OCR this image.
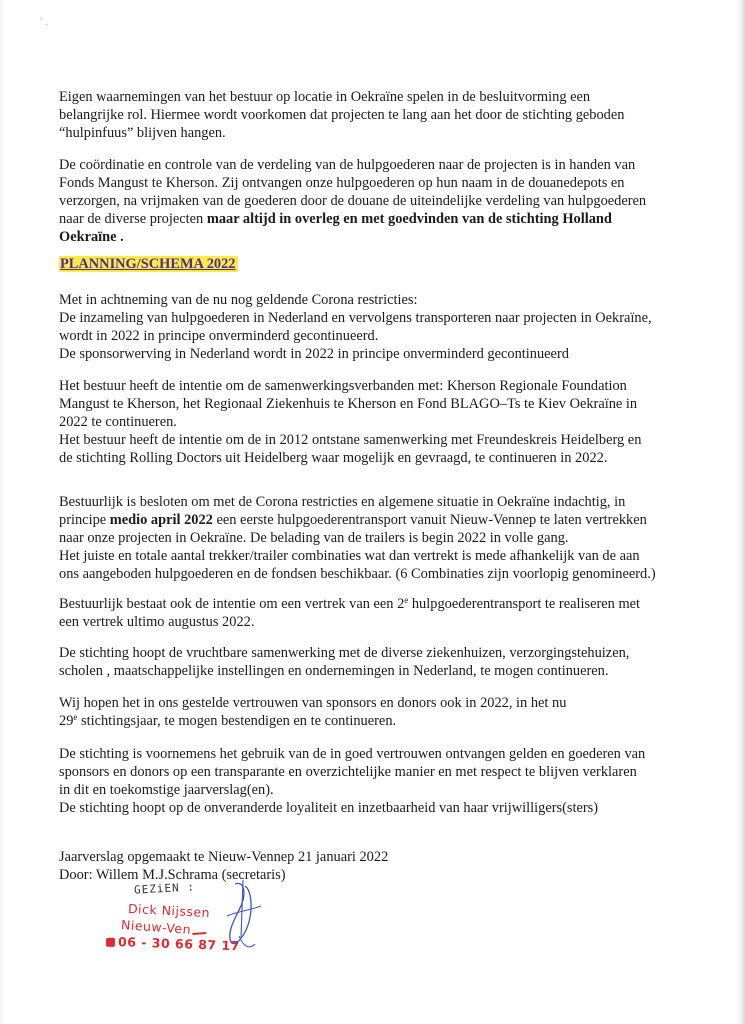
' .

Eigen waarnemingen van het bestuur op locatie in Oekraïne spelen in de besluitvorming een

belangrijke rol. Hiermee wordt voorkomen dat projecten te lang aan het door de stichting geboden

“hulpinfuus” blijven hangen.

De coördinatie en controle van de verdeling van de hulpgoederen naar de projecten is in handen van

Fonds Mangust te Kherson. Zij ontvangen onze hulpgoederen op hun naam in de douanedepots en

verzorgen, na vrijmaken van de goederen door de douane de uiteindelijke verdeling van hulpgoederen

naar de diverse projecten maar altijd in overleg en met goedvinden van de stichting Holland

Oekraïne .

PLANNING/SCHEMA 2022

Met in achtneming van de nu nog geldende Corona restricties:

De inzameling van hulpgoederen in Nederland en vervolgens transporteren naar projecten in Oekraïne,

wordt in 2022 in principe onverminderd gecontinueerd.

De sponsorwerving in Nederland wordt in 2022 in principe onverminderd gecontinueerd

Het bestuur heeft de intentie om de samenwerkingsverbanden met: Kherson Regionale Foundation

Mangust te Kherson, het Regionaal Ziekenhuis te Kherson en Fond BLAGO–Ts te Kiev Oekraïne in

2022 te continueren.

Het bestuur heeft de intentie om de in 2012 ontstane samenwerking met Freundeskreis Heidelberg en

de stichting Rolling Doctors uit Heidelberg waar mogelijk en gevraagd, te continueren in 2022.

Bestuurlijk is besloten om met de Corona restricties en algemene situatie in Oekraïne indachtig, in

principe medio april 2022 een eerste hulpgoederentransport vanuit Nieuw-Vennep te laten vertrekken

naar onze projecten in Oekraïne. De belading van de trailers is begin 2022 in volle gang.

Het juiste en totale aantal trekker/trailer combinaties wat dan vertrekt is mede afhankelijk van de aan

ons aangeboden hulpgoederen en de fondsen beschikbaar. (6 Combinaties zijn voorlopig genomineerd.)

Bestuurlijk bestaat ook de intentie om een vertrek van een 2e hulpgoederentransport te realiseren met

een vertrek ultimo augustus 2022.

De stichting hoopt de vruchtbare samenwerking met de diverse ziekenhuizen, verzorgingstehuizen,

scholen , maatschappelijke instellingen en ondernemingen in Nederland, te mogen continueren.

Wij hopen het in ons gestelde vertrouwen van sponsors en donors ook in 2022, in het nu

29e stichtingsjaar, te mogen bestendigen en te continueren.

De stichting is voornemens het gebruik van de in goed vertrouwen ontvangen gelden en goederen van

sponsors en donors op een transparante en overzichtelijke manier en met respect te blijven verklaren

in dit en toekomstige jaarverslag(en).

De stichting hoopt op de onveranderde loyaliteit en inzetbaarheid van haar vrijwilligers(sters)

Jaarverslag opgemaakt te Nieuw-Vennep 21 januari 2022

Door: Willem M.J.Schrama (secretaris)

GEZiEN :
Dick Nijssen
Nieuw-Ven
06 - 30 66 87 17
